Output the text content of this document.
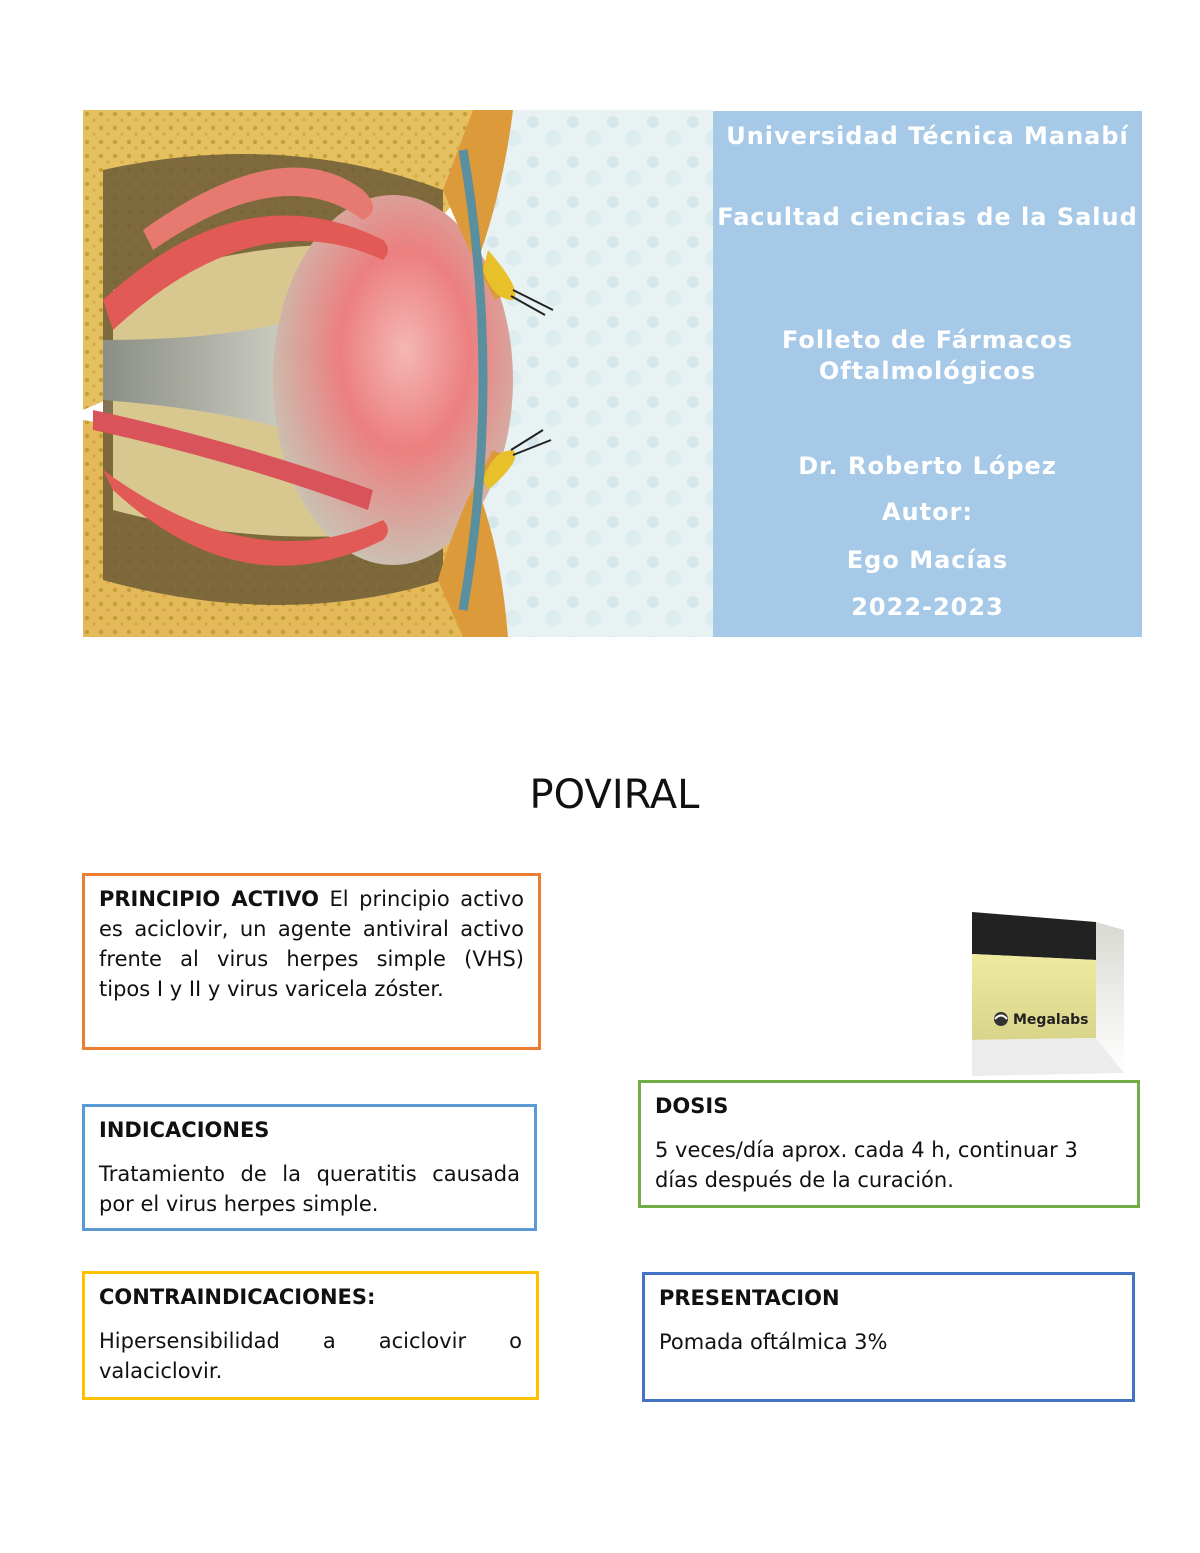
Universidad Técnica Manabí
Facultad ciencias de la Salud
Folleto de Fármacos Oftalmológicos
Dr. Roberto López
Autor:
Ego Macías
2022-2023
POVIRAL
PRINCIPIO ACTIVO El principio activo es aciclovir, un agente antiviral activo frente al virus herpes simple (VHS) tipos I y II y virus varicela zóster.
INDICACIONES
Tratamiento de la queratitis causada por el virus herpes simple.
CONTRAINDICACIONES:
Hipersensibilidad a aciclovir o valaciclovir.
Megalabs
DOSIS
5 veces/día aprox. cada 4 h, continuar 3 días después de la curación.
PRESENTACION
Pomada oftálmica 3%
